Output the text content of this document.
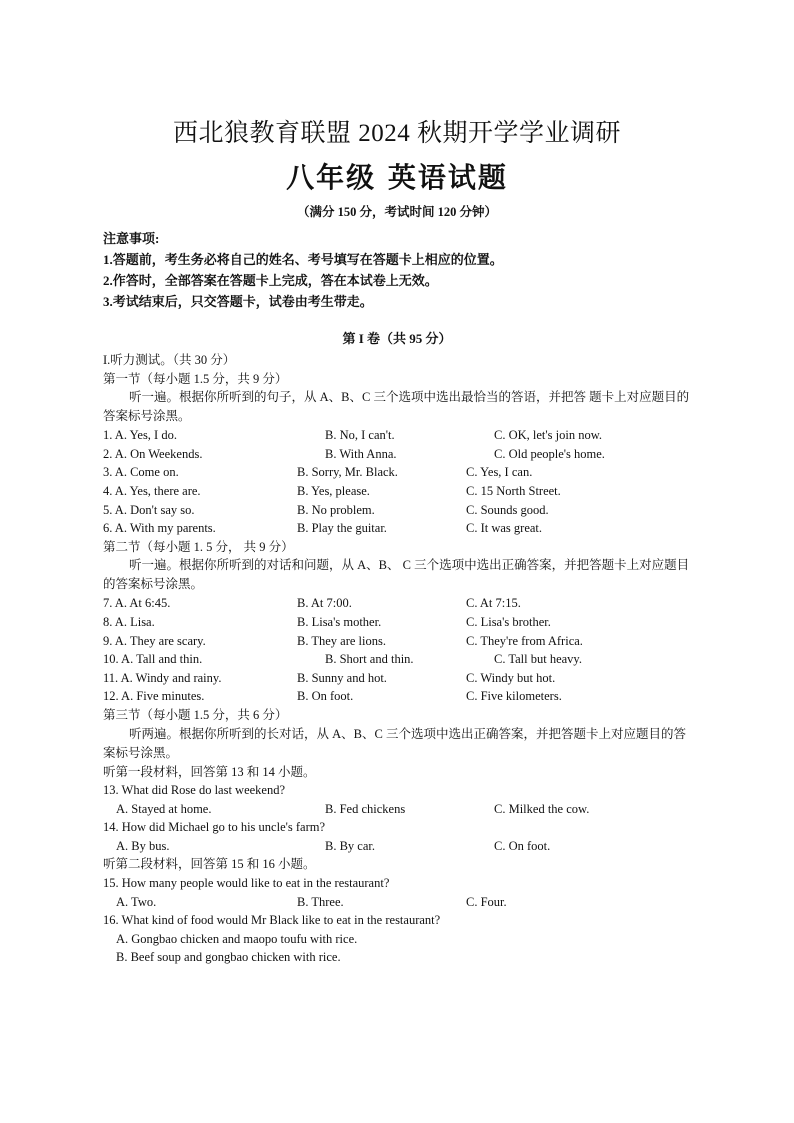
西北狼教育联盟 2024 秋期开学学业调研
八年级 英语试题
（满分 150 分，考试时间 120 分钟）
注意事项:
1.答题前，考生务必将自己的姓名、考号填写在答题卡上相应的位置。
2.作答时，全部答案在答题卡上完成，答在本试卷上无效。
3.考试结束后，只交答题卡，试卷由考生带走。
第 I 卷（共 95 分）
I.听力测试。（共 30 分）
第一节（每小题 1.5 分，共 9 分）
听一遍。根据你所听到的句子，从 A、B、C 三个选项中选出最恰当的答语，并把答 题卡上对应题目的答案标号涂黑。
1. A. Yes, I do.	B. No, I can't.	C. OK, let's join now.
2. A. On Weekends.	B. With Anna.	C. Old people's home.
3. A. Come on.	B. Sorry, Mr. Black.	C. Yes, I can.
4. A. Yes, there are.	B. Yes, please.	C. 15 North Street.
5. A. Don't say so.	B. No problem.	C. Sounds good.
6. A. With my parents.	B. Play the guitar.	C. It was great.
第二节（每小题 1. 5 分， 共 9 分）
听一遍。根据你所听到的对话和问题，从 A、B、 C 三个选项中选出正确答案，并把答题卡上对应题目的答案标号涂黑。
7. A. At 6:45.	B. At 7:00.	C. At 7:15.
8. A. Lisa.	B. Lisa's mother.	C. Lisa's brother.
9. A. They are scary.	B. They are lions.	C. They're from Africa.
10. A. Tall and thin.	B. Short and thin.	C. Tall but heavy.
11. A. Windy and rainy.	B. Sunny and hot.	C. Windy but hot.
12. A. Five minutes.	B. On foot.	C. Five kilometers.
第三节（每小题 1.5 分，共 6 分）
听两遍。根据你所听到的长对话，从 A、B、C 三个选项中选出正确答案，并把答题卡上对应题目的答案标号涂黑。
听第一段材料，回答第 13 和 14 小题。
13. What did Rose do last weekend?
A. Stayed at home.	B. Fed chickens	C. Milked the cow.
14. How did Michael go to his uncle's farm?
A. By bus.	B. By car.	C. On foot.
听第二段材料，回答第 15 和 16 小题。
15. How many people would like to eat in the restaurant?
A. Two.	B. Three.	C. Four.
16. What kind of food would Mr Black like to eat in the restaurant?
A. Gongbao chicken and maopo toufu with rice.
B. Beef soup and gongbao chicken with rice.
